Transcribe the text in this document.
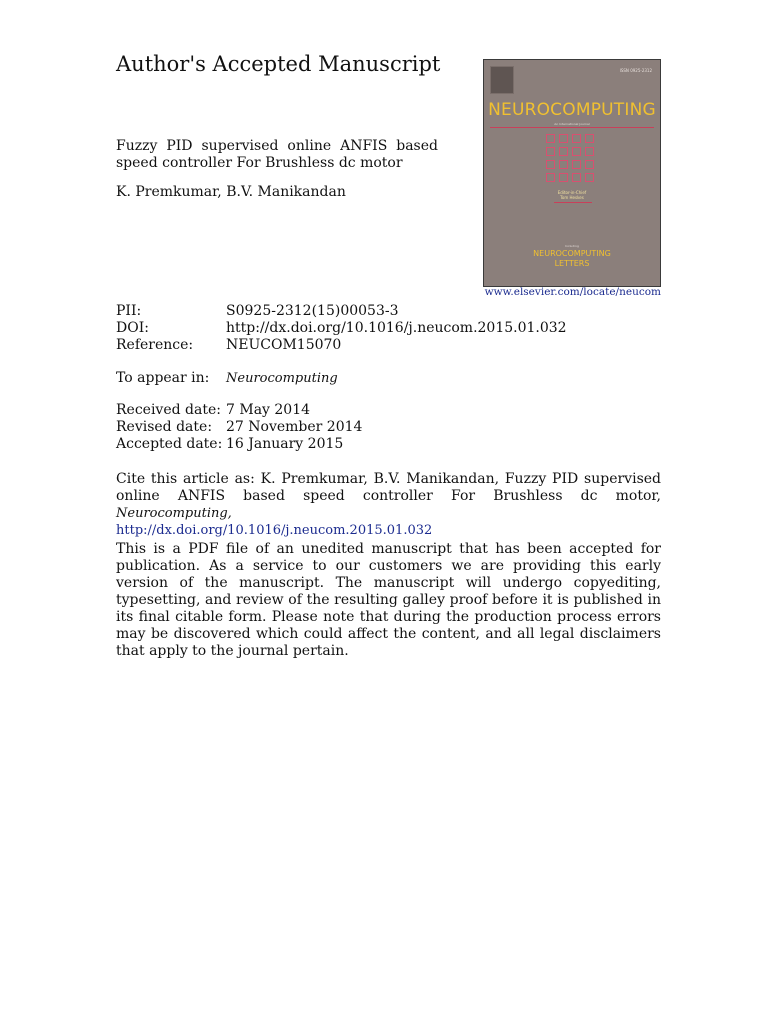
Author's Accepted Manuscript
Fuzzy PID supervised online ANFIS based speed controller For Brushless dc motor
K. Premkumar, B.V. Manikandan
ISSN 0925-2312
NEUROCOMPUTING
An International Journal
Editor-in-Chief
Tom Heskes
Including
NEUROCOMPUTING
LETTERS
www.elsevier.com/locate/neucom
PII:	S0925-2312(15)00053-3
DOI:	http://dx.doi.org/10.1016/j.neucom.2015.01.032
Reference: NEUCOM15070
To appear in: Neurocomputing
Received date: 7 May 2014
Revised date: 27 November 2014
Accepted date: 16 January 2015
Cite this article as: K. Premkumar, B.V. Manikandan, Fuzzy PID supervised online ANFIS based speed controller For Brushless dc motor, Neurocomputing,
http://dx.doi.org/10.1016/j.neucom.2015.01.032
This is a PDF file of an unedited manuscript that has been accepted for publication. As a service to our customers we are providing this early version of the manuscript. The manuscript will undergo copyediting, typesetting, and review of the resulting galley proof before it is published in its final citable form. Please note that during the production process errors may be discovered which could affect the content, and all legal disclaimers that apply to the journal pertain.
